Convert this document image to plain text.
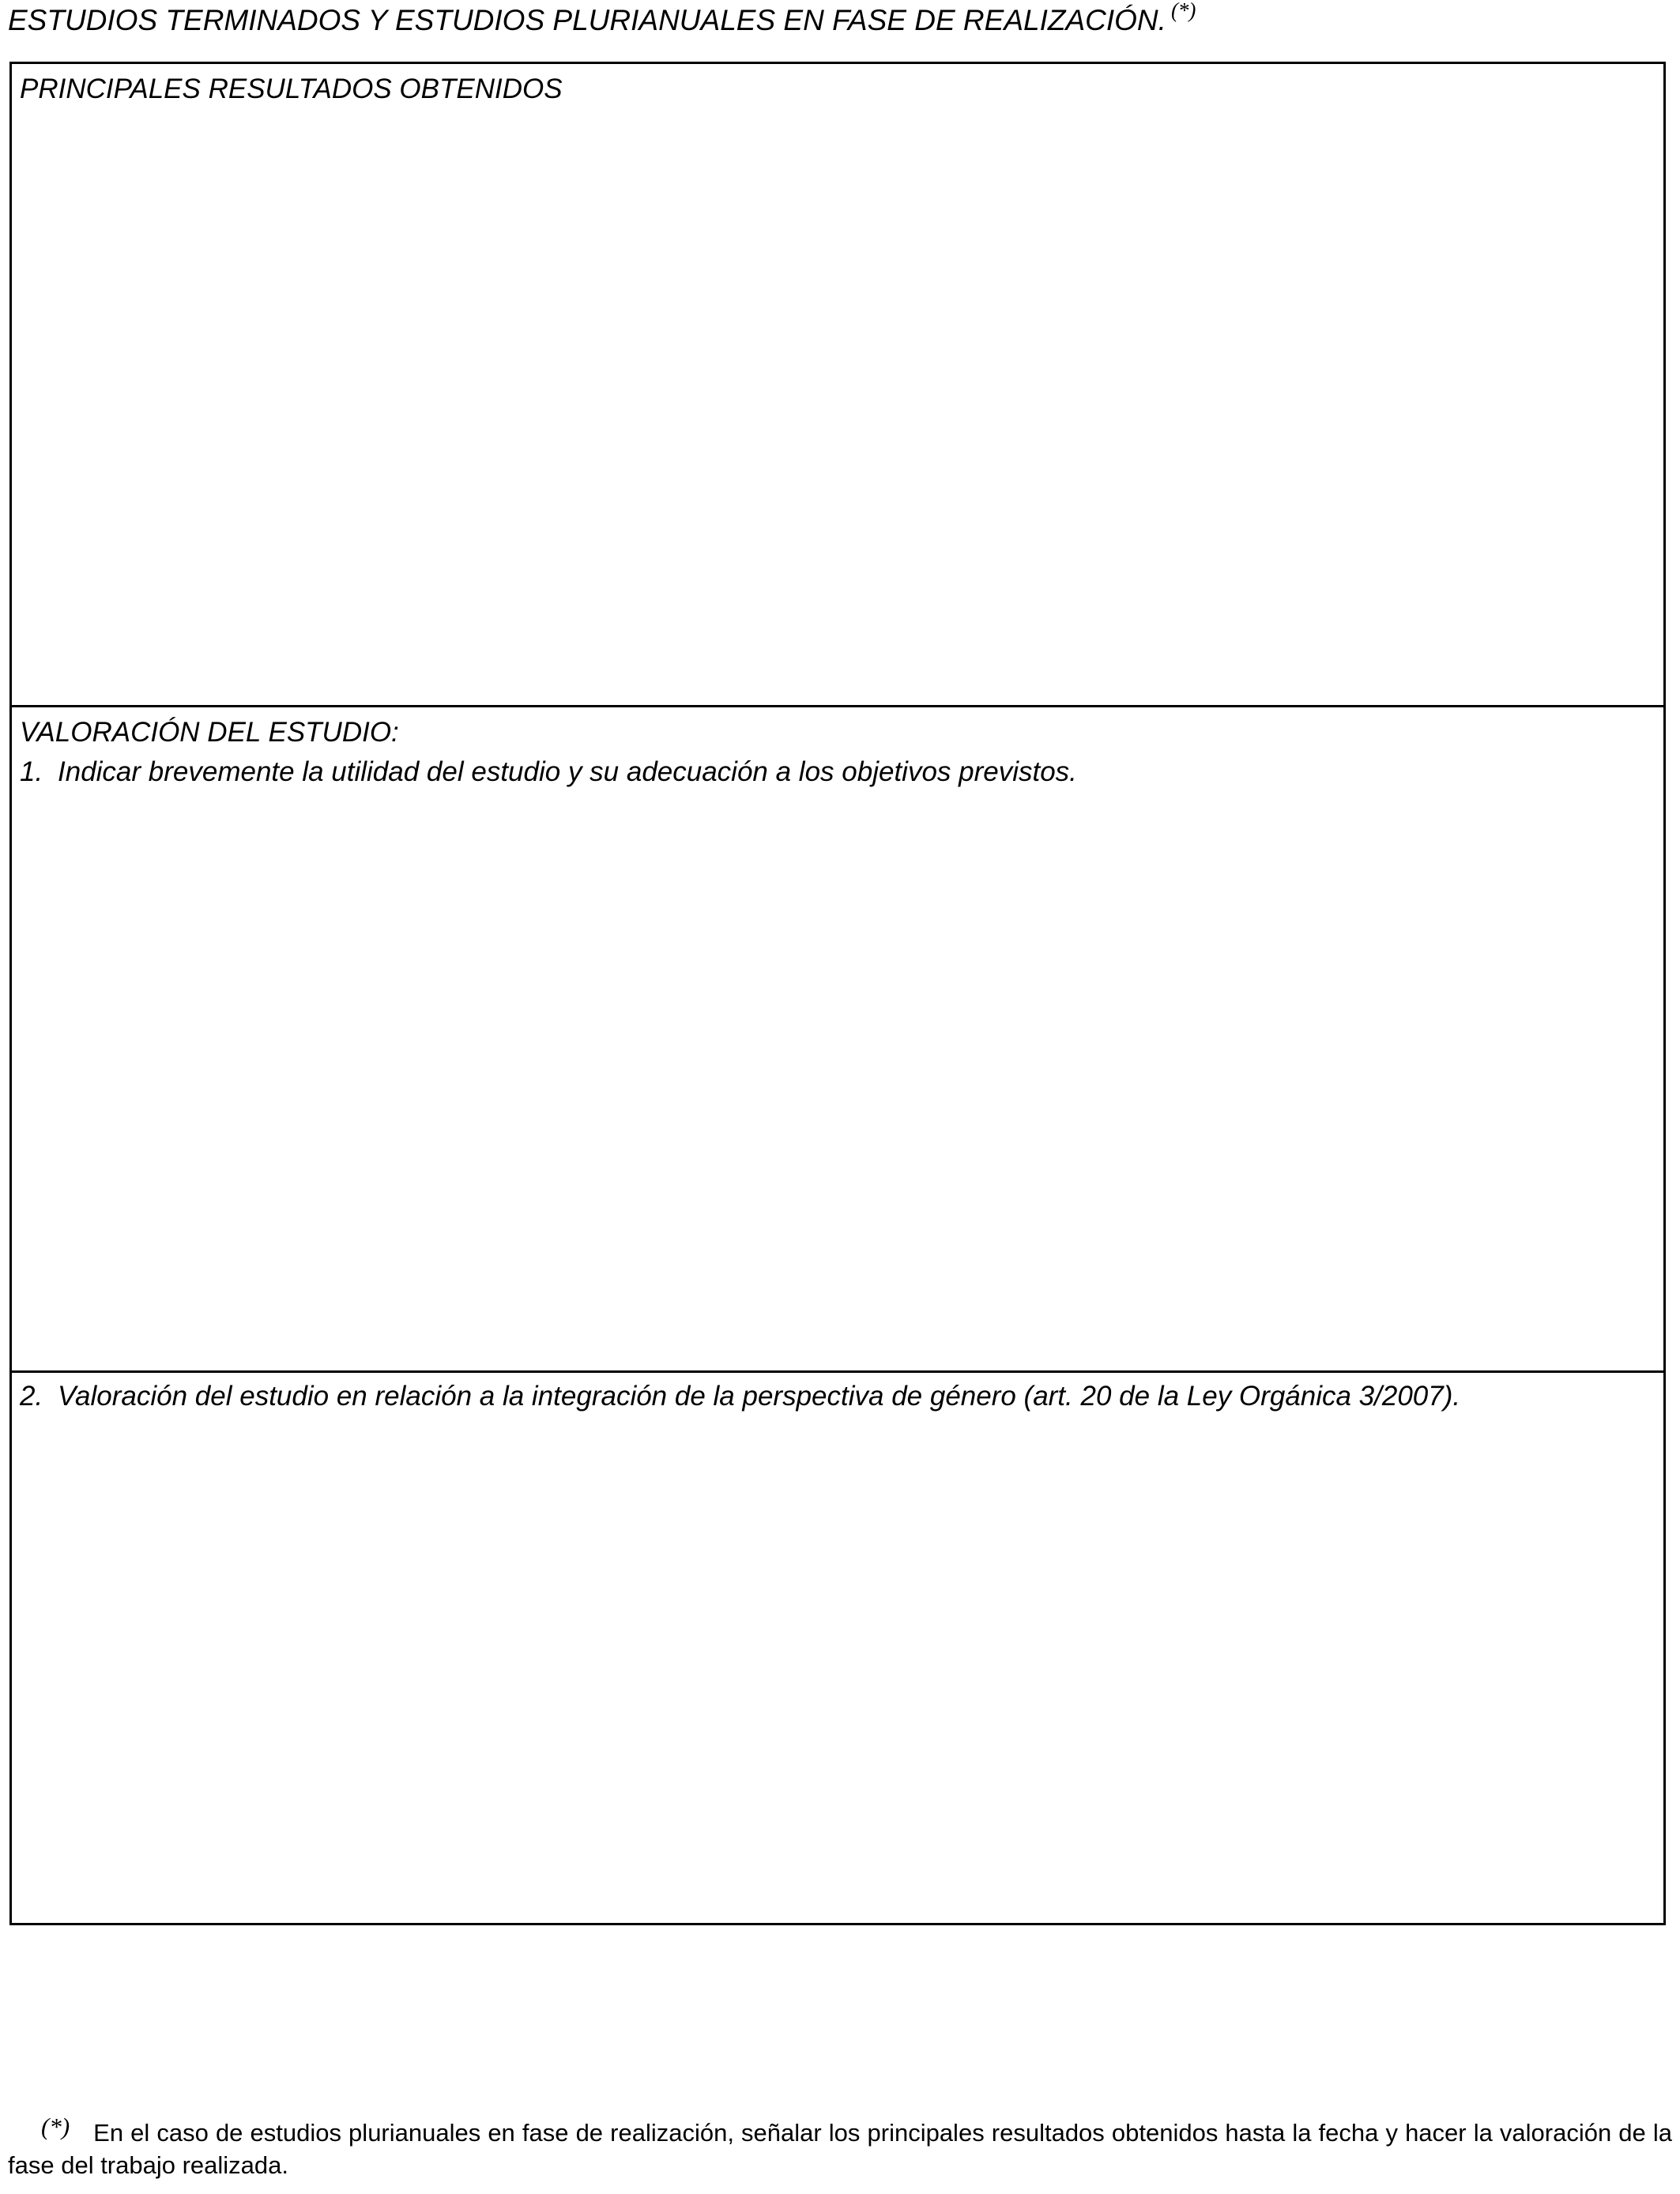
ESTUDIOS TERMINADOS Y ESTUDIOS PLURIANUALES EN FASE DE REALIZACIÓN. (*)
PRINCIPALES RESULTADOS OBTENIDOS
VALORACIÓN DEL ESTUDIO:
1. Indicar brevemente la utilidad del estudio y su adecuación a los objetivos previstos.
2. Valoración del estudio en relación a la integración de la perspectiva de género (art. 20 de la Ley Orgánica 3/2007).
(*) En el caso de estudios plurianuales en fase de realización, señalar los principales resultados obtenidos hasta la fecha y hacer la valoración de la fase del trabajo realizada.
